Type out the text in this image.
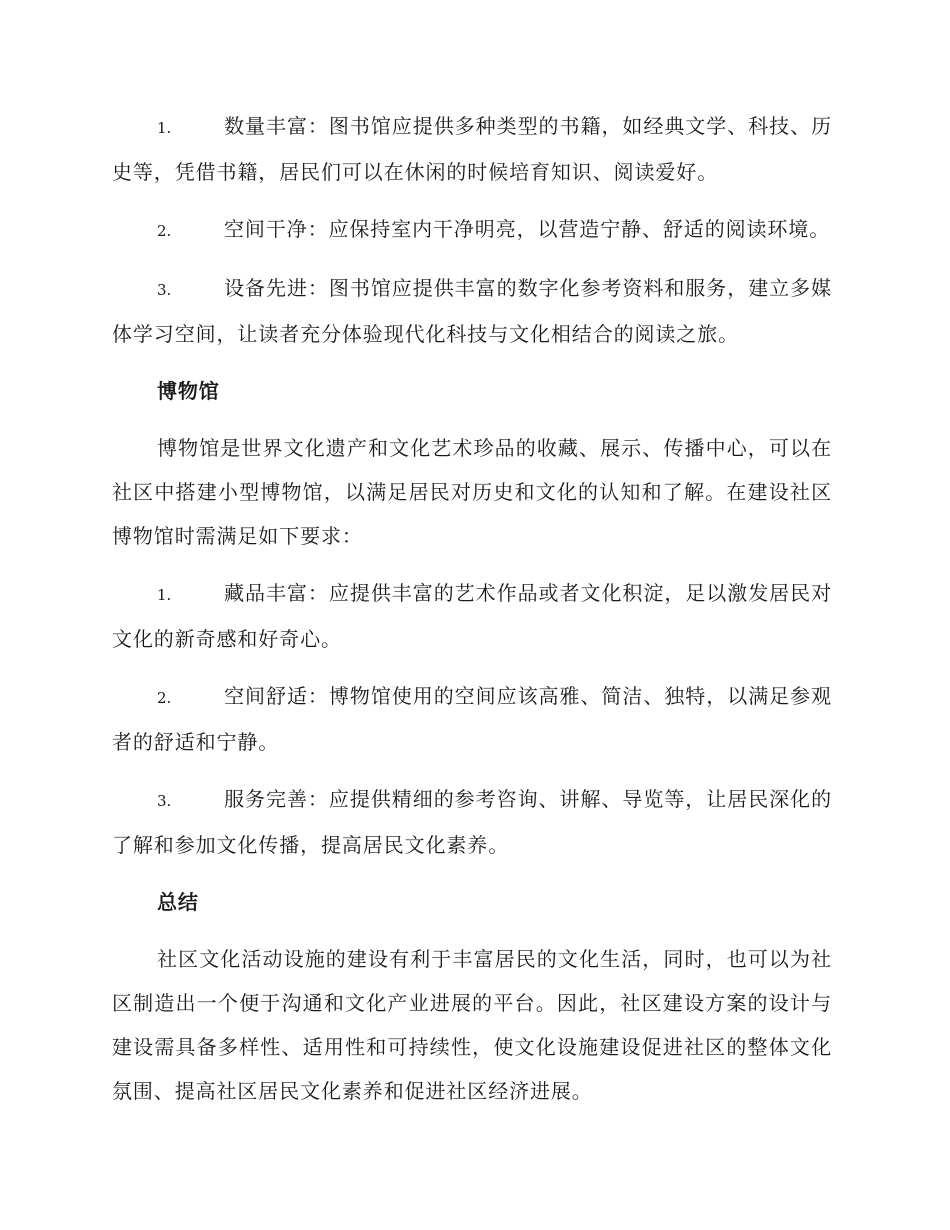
1.	数量丰富：图书馆应提供多种类型的书籍，如经典文学、科技、历史等，凭借书籍，居民们可以在休闲的时候培育知识、阅读爱好。

2.	空间干净：应保持室内干净明亮，以营造宁静、舒适的阅读环境。

3.	设备先进：图书馆应提供丰富的数字化参考资料和服务，建立多媒体学习空间，让读者充分体验现代化科技与文化相结合的阅读之旅。

博物馆

博物馆是世界文化遗产和文化艺术珍品的收藏、展示、传播中心，可以在社区中搭建小型博物馆，以满足居民对历史和文化的认知和了解。在建设社区博物馆时需满足如下要求：

1.	藏品丰富：应提供丰富的艺术作品或者文化积淀，足以激发居民对文化的新奇感和好奇心。

2.	空间舒适：博物馆使用的空间应该高雅、简洁、独特，以满足参观者的舒适和宁静。

3.	服务完善：应提供精细的参考咨询、讲解、导览等，让居民深化的了解和参加文化传播，提高居民文化素养。

总结

社区文化活动设施的建设有利于丰富居民的文化生活，同时，也可以为社区制造出一个便于沟通和文化产业进展的平台。因此，社区建设方案的设计与建设需具备多样性、适用性和可持续性，使文化设施建设促进社区的整体文化氛围、提高社区居民文化素养和促进社区经济进展。
